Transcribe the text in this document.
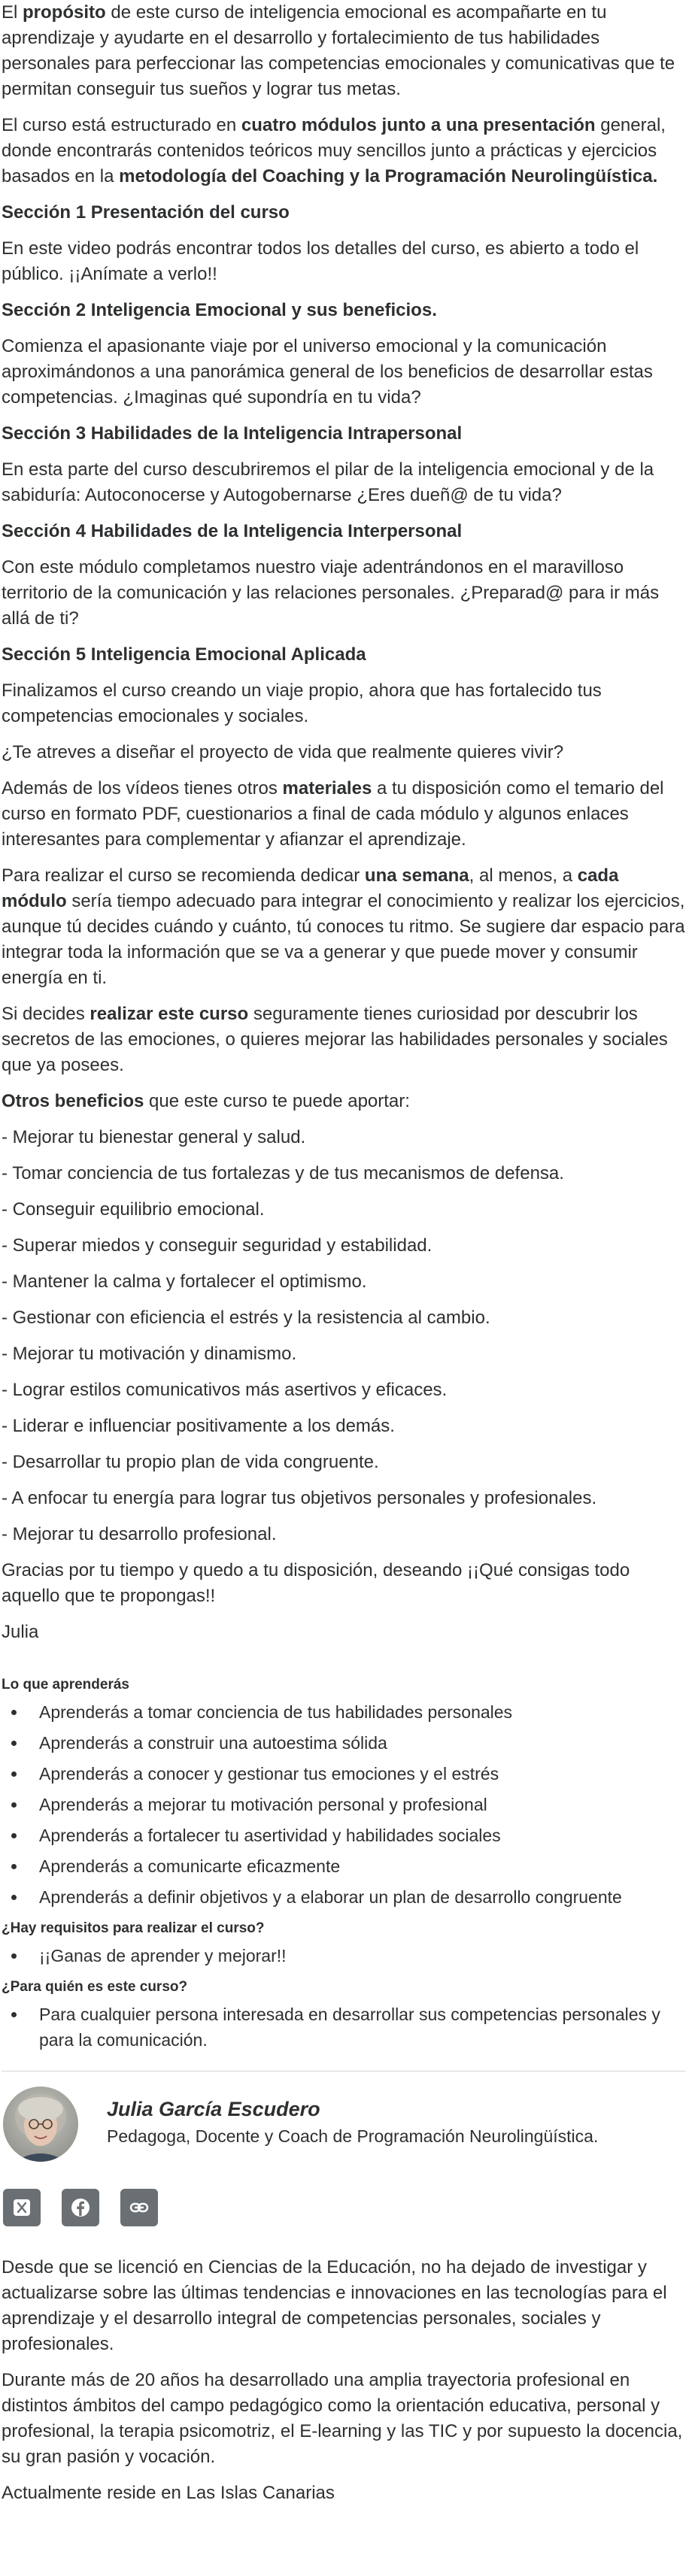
El propósito de este curso de inteligencia emocional es acompañarte en tu aprendizaje y ayudarte en el desarrollo y fortalecimiento de tus habilidades personales para perfeccionar las competencias emocionales y comunicativas que te permitan conseguir tus sueños y lograr tus metas.

El curso está estructurado en cuatro módulos junto a una presentación general, donde encontrarás contenidos teóricos muy sencillos junto a prácticas y ejercicios basados en la metodología del Coaching y la Programación Neurolingüística.

Sección 1 Presentación del curso

En este video podrás encontrar todos los detalles del curso, es abierto a todo el público. ¡¡Anímate a verlo!!

Sección 2 Inteligencia Emocional y sus beneficios.

Comienza el apasionante viaje por el universo emocional y la comunicación aproximándonos a una panorámica general de los beneficios de desarrollar estas competencias. ¿Imaginas qué supondría en tu vida?

Sección 3 Habilidades de la Inteligencia Intrapersonal

En esta parte del curso descubriremos el pilar de la inteligencia emocional y de la sabiduría: Autoconocerse y Autogobernarse ¿Eres dueñ@ de tu vida?

Sección 4 Habilidades de la Inteligencia Interpersonal

Con este módulo completamos nuestro viaje adentrándonos en el maravilloso territorio de la comunicación y las relaciones personales. ¿Preparad@ para ir más allá de ti?

Sección 5 Inteligencia Emocional Aplicada

Finalizamos el curso creando un viaje propio, ahora que has fortalecido tus competencias emocionales y sociales.

¿Te atreves a diseñar el proyecto de vida que realmente quieres vivir?

Además de los vídeos tienes otros materiales a tu disposición como el temario del curso en formato PDF, cuestionarios a final de cada módulo y algunos enlaces interesantes para complementar y afianzar el aprendizaje.

Para realizar el curso se recomienda dedicar una semana, al menos, a cada módulo sería tiempo adecuado para integrar el conocimiento y realizar los ejercicios, aunque tú decides cuándo y cuánto, tú conoces tu ritmo. Se sugiere dar espacio para integrar toda la información que se va a generar y que puede mover y consumir energía en ti.

Si decides realizar este curso seguramente tienes curiosidad por descubrir los secretos de las emociones, o quieres mejorar las habilidades personales y sociales que ya posees.

Otros beneficios que este curso te puede aportar:

- Mejorar tu bienestar general y salud.
- Tomar conciencia de tus fortalezas y de tus mecanismos de defensa.
- Conseguir equilibrio emocional.
- Superar miedos y conseguir seguridad y estabilidad.
- Mantener la calma y fortalecer el optimismo.
- Gestionar con eficiencia el estrés y la resistencia al cambio.
- Mejorar tu motivación y dinamismo.
- Lograr estilos comunicativos más asertivos y eficaces.
- Liderar e influenciar positivamente a los demás.
- Desarrollar tu propio plan de vida congruente.
- A enfocar tu energía para lograr tus objetivos personales y profesionales.
- Mejorar tu desarrollo profesional.

Gracias por tu tiempo y quedo a tu disposición, deseando ¡¡Qué consigas todo aquello que te propongas!!

Julia

Lo que aprenderás
Aprenderás a tomar conciencia de tus habilidades personales
Aprenderás a construir una autoestima sólida
Aprenderás a conocer y gestionar tus emociones y el estrés
Aprenderás a mejorar tu motivación personal y profesional
Aprenderás a fortalecer tu asertividad y habilidades sociales
Aprenderás a comunicarte eficazmente
Aprenderás a definir objetivos y a elaborar un plan de desarrollo congruente
¿Hay requisitos para realizar el curso?
¡¡Ganas de aprender y mejorar!!
¿Para quién es este curso?
Para cualquier persona interesada en desarrollar sus competencias personales y para la comunicación.
Julia García Escudero
Pedagoga, Docente y Coach de Programación Neurolingüística.

Desde que se licenció en Ciencias de la Educación, no ha dejado de investigar y actualizarse sobre las últimas tendencias e innovaciones en las tecnologías para el aprendizaje y el desarrollo integral de competencias personales, sociales y profesionales.

Durante más de 20 años ha desarrollado una amplia trayectoria profesional en distintos ámbitos del campo pedagógico como la orientación educativa, personal y profesional, la terapia psicomotriz, el E-learning y las TIC y por supuesto la docencia, su gran pasión y vocación.

Actualmente reside en Las Islas Canarias
